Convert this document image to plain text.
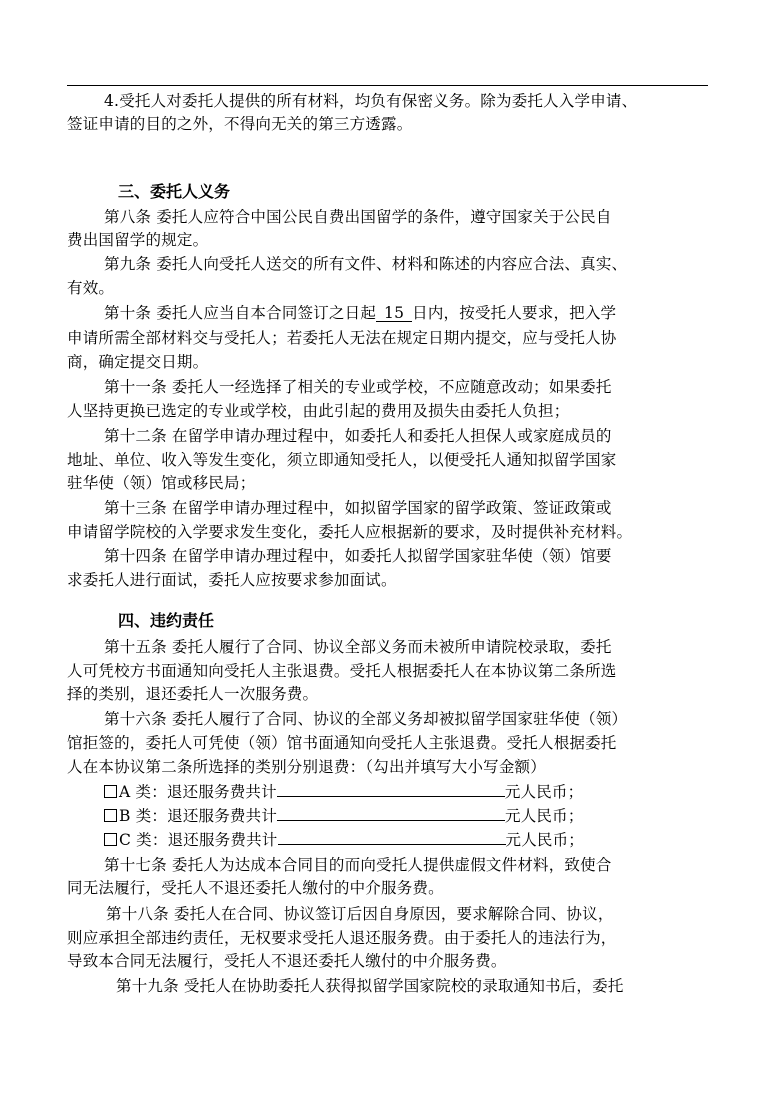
4.受托人对委托人提供的所有材料，均负有保密义务。除为委托人入学申请、
签证申请的目的之外，不得向无关的第三方透露。
三、委托人义务
第八条 委托人应符合中国公民自费出国留学的条件，遵守国家关于公民自
费出国留学的规定。
第九条 委托人向受托人送交的所有文件、材料和陈述的内容应合法、真实、
有效。
第十条 委托人应当自本合同签订之日起 15 日内，按受托人要求，把入学
申请所需全部材料交与受托人；若委托人无法在规定日期内提交，应与受托人协
商，确定提交日期。
第十一条 委托人一经选择了相关的专业或学校，不应随意改动；如果委托
人坚持更换已选定的专业或学校，由此引起的费用及损失由委托人负担；
第十二条 在留学申请办理过程中，如委托人和委托人担保人或家庭成员的
地址、单位、收入等发生变化，须立即通知受托人，以便受托人通知拟留学国家
驻华使（领）馆或移民局；
第十三条 在留学申请办理过程中，如拟留学国家的留学政策、签证政策或
申请留学院校的入学要求发生变化，委托人应根据新的要求，及时提供补充材料。
第十四条 在留学申请办理过程中，如委托人拟留学国家驻华使（领）馆要
求委托人进行面试，委托人应按要求参加面试。
四、违约责任
第十五条 委托人履行了合同、协议全部义务而未被所申请院校录取，委托
人可凭校方书面通知向受托人主张退费。受托人根据委托人在本协议第二条所选
择的类别，退还委托人一次服务费。
第十六条 委托人履行了合同、协议的全部义务却被拟留学国家驻华使（领）
馆拒签的，委托人可凭使（领）馆书面通知向受托人主张退费。受托人根据委托
人在本协议第二条所选择的类别分别退费：（勾出并填写大小写金额）
A 类：退还服务费共计	元人民币；
B 类：退还服务费共计	元人民币；
C 类：退还服务费共计	元人民币；
第十七条 委托人为达成本合同目的而向受托人提供虚假文件材料，致使合
同无法履行，受托人不退还委托人缴付的中介服务费。
第十八条 委托人在合同、协议签订后因自身原因，要求解除合同、协议，
则应承担全部违约责任，无权要求受托人退还服务费。由于委托人的违法行为，
导致本合同无法履行，受托人不退还委托人缴付的中介服务费。
第十九条 受托人在协助委托人获得拟留学国家院校的录取通知书后，委托
